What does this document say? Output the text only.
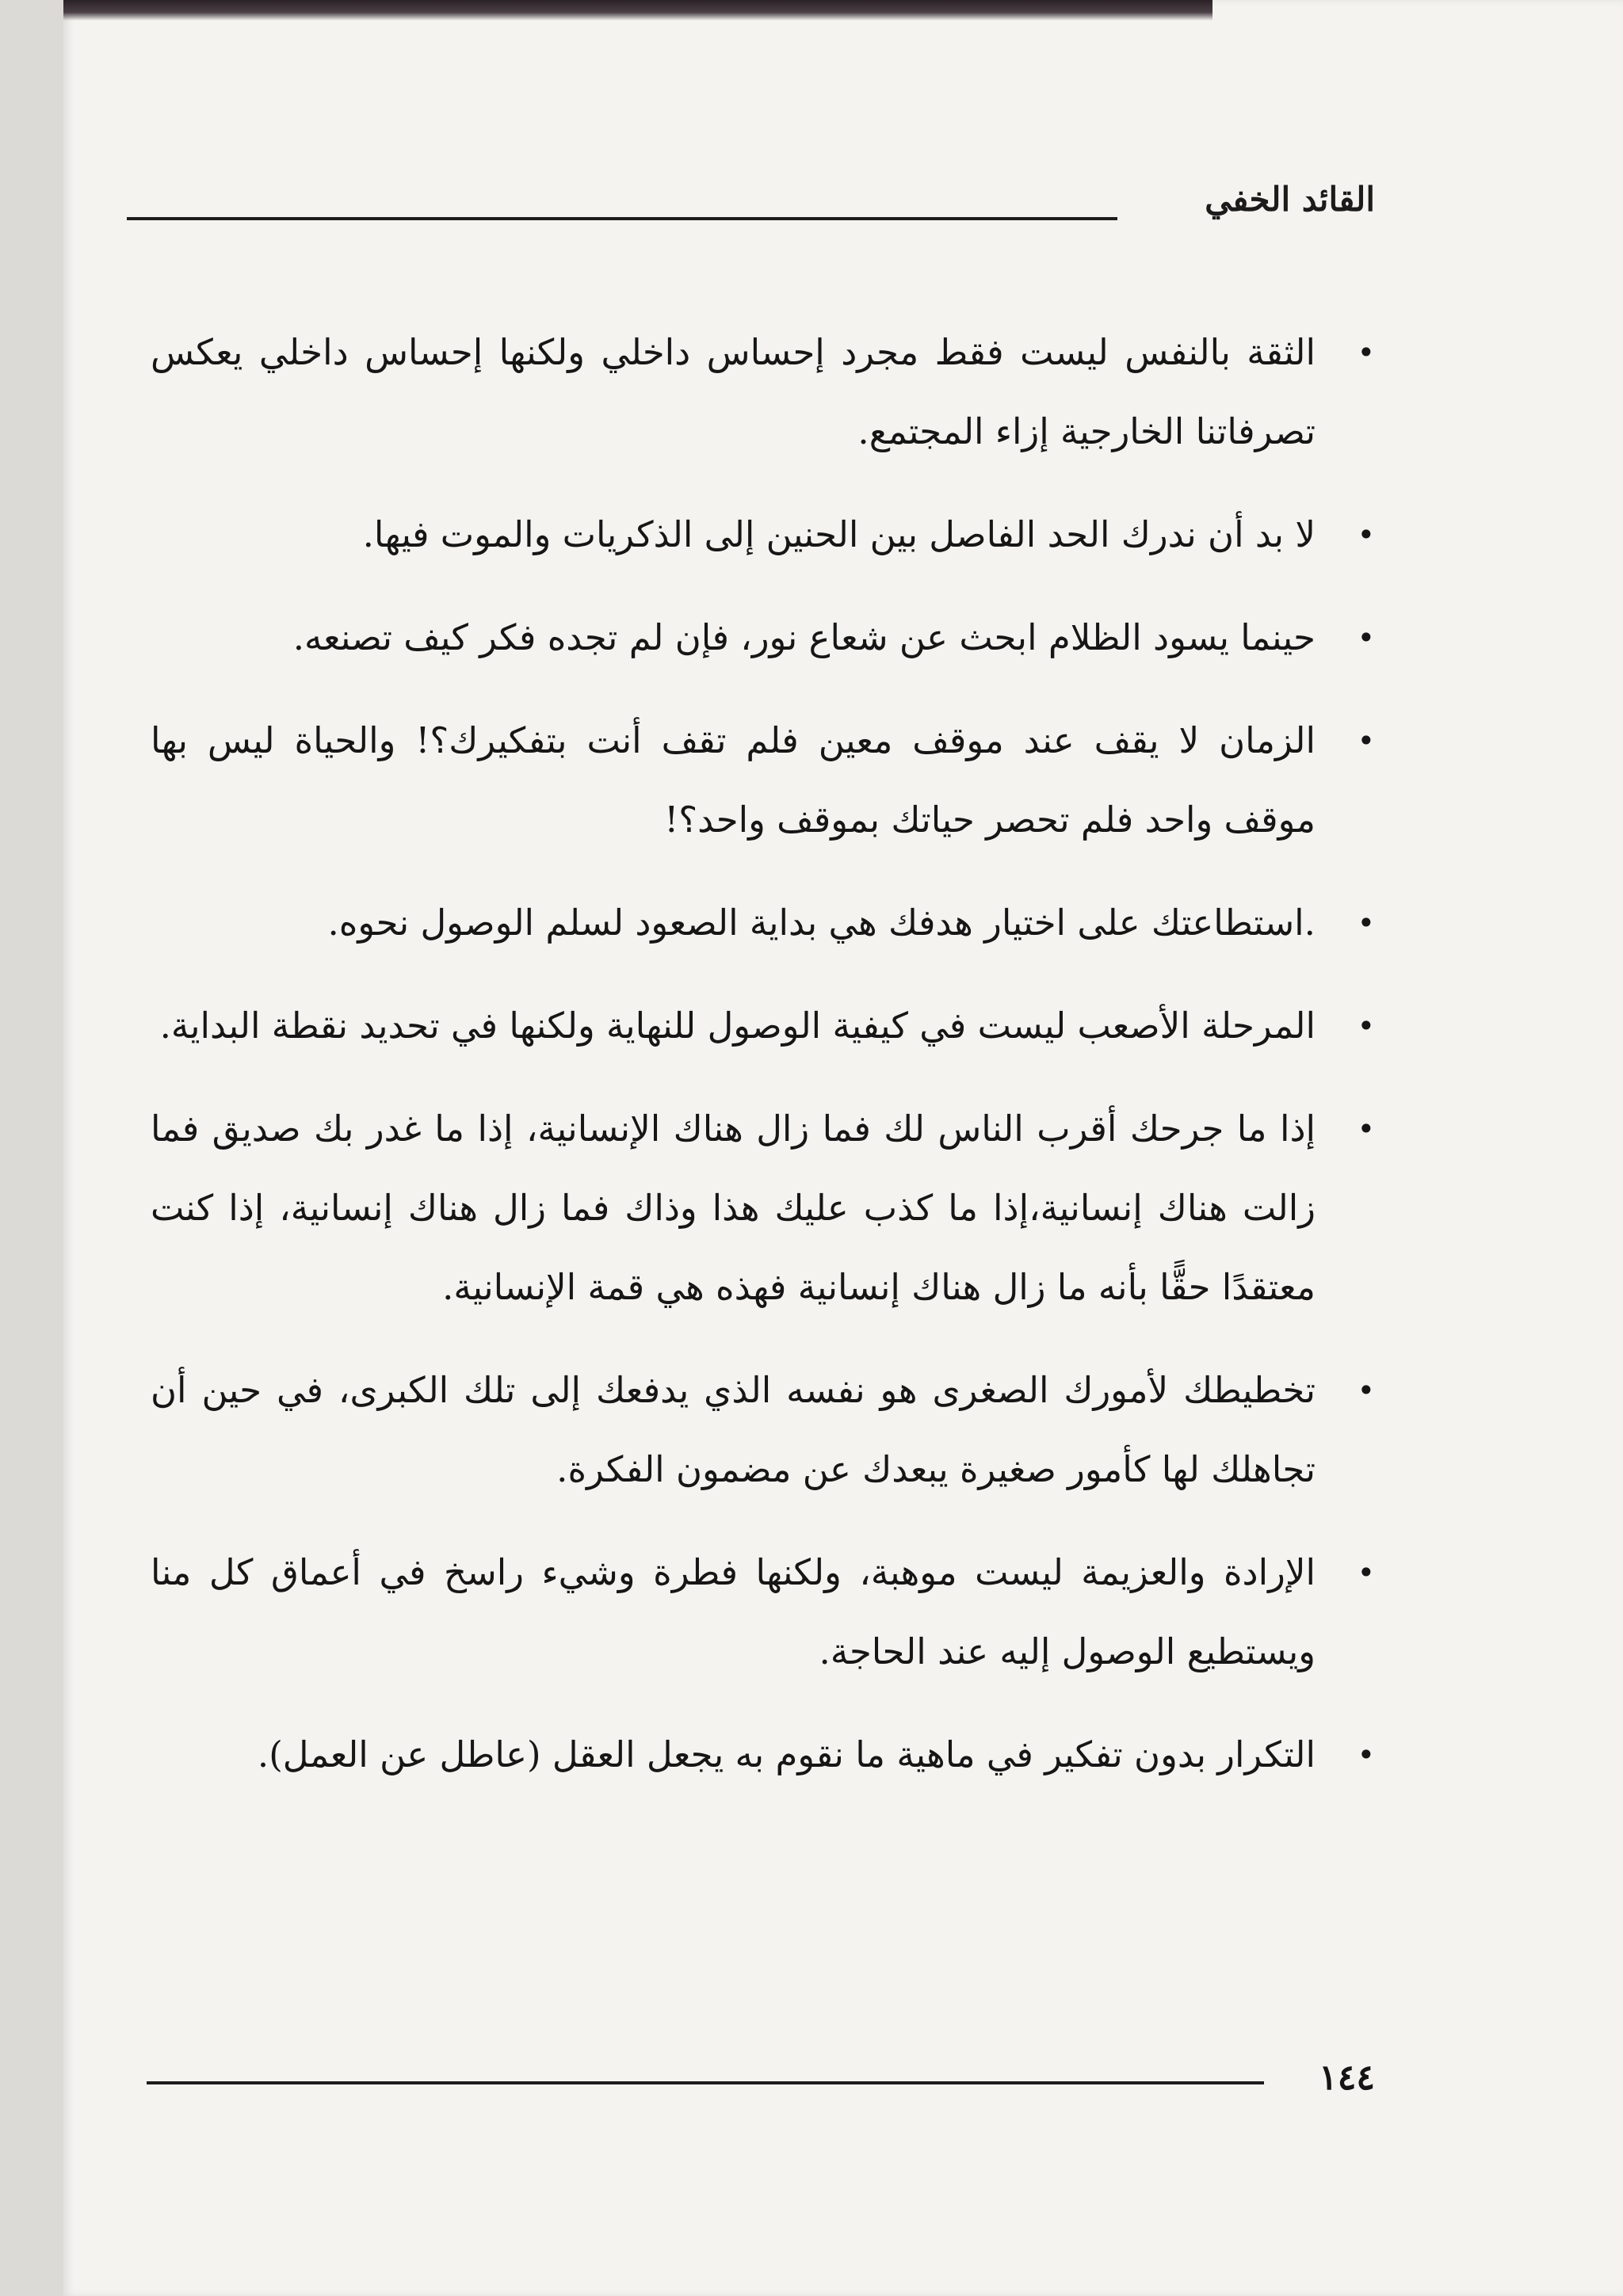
القائد الخفي
•
الثقة بالنفس ليست فقط مجرد إحساس داخلي ولكنها إحساس داخلي يعكس تصرفاتنا الخارجية إزاء المجتمع.
•
لا بد أن ندرك الحد الفاصل بين الحنين إلى الذكريات والموت فيها.
•
حينما يسود الظلام ابحث عن شعاع نور، فإن لم تجده فكر كيف تصنعه.
•
الزمان لا يقف عند موقف معين فلم تقف أنت بتفكيرك؟! والحياة ليس بها موقف واحد فلم تحصر حياتك بموقف واحد؟!
•
.استطاعتك على اختيار هدفك هي بداية الصعود لسلم الوصول نحوه.
•
المرحلة الأصعب ليست في كيفية الوصول للنهاية ولكنها في تحديد نقطة البداية.
•
إذا ما جرحك أقرب الناس لك فما زال هناك الإنسانية، إذا ما غدر بك صديق فما زالت هناك إنسانية،إذا ما كذب عليك هذا وذاك فما زال هناك إنسانية، إذا كنت معتقدًا حقًّا بأنه ما زال هناك إنسانية فهذه هي قمة الإنسانية.
•
تخطيطك لأمورك الصغرى هو نفسه الذي يدفعك إلى تلك الكبرى، في حين أن تجاهلك لها كأمور صغيرة يبعدك عن مضمون الفكرة.
•
الإرادة والعزيمة ليست موهبة، ولكنها فطرة وشيء راسخ في أعماق كل منا ويستطيع الوصول إليه عند الحاجة.
•
التكرار بدون تفكير في ماهية ما نقوم به يجعل العقل (عاطل عن العمل).
١٤٤
